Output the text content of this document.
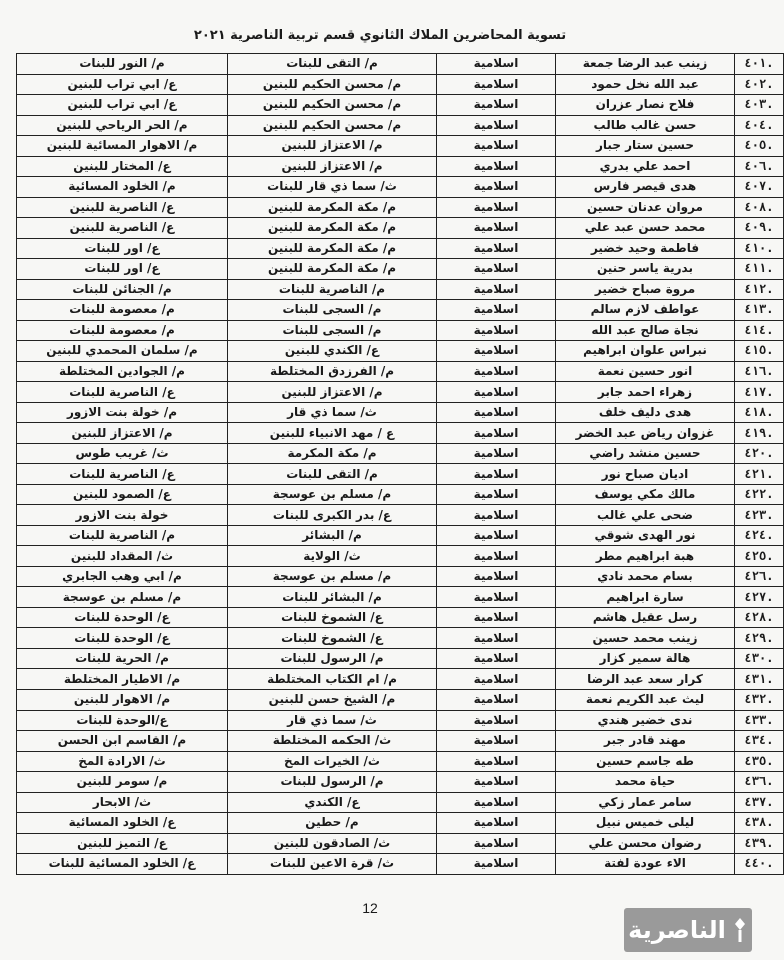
تسوية المحاضرين الملاك الثانوي قسم تربية الناصرية ٢٠٢١
٤٠١.	زينب عبد الرضا جمعة	اسلامية	م/ التقى للبنات	م/ النور للبنات
٤٠٢.	عبد الله نخل حمود	اسلامية	م/ محسن الحكيم للبنين	ع/ ابي تراب للبنين
٤٠٣.	فلاح نصار عزران	اسلامية	م/ محسن الحكيم للبنين	ع/ ابي تراب للبنين
٤٠٤.	حسن غالب طالب	اسلامية	م/ محسن الحكيم للبنين	م/ الحر الرياحي للبنين
٤٠٥.	حسين ستار جبار	اسلامية	م/ الاعتزاز للبنين	م/ الاهوار المسائية للبنين
٤٠٦.	احمد علي بدري	اسلامية	م/ الاعتزاز للبنين	ع/ المختار للبنين
٤٠٧.	هدى قيصر فارس	اسلامية	ث/ سما ذي قار للبنات	م/ الخلود المسائية
٤٠٨.	مروان عدنان حسين	اسلامية	م/ مكة المكرمة للبنين	ع/ الناصرية للبنين
٤٠٩.	محمد حسن عبد علي	اسلامية	م/ مكة المكرمة للبنين	ع/ الناصرية للبنين
٤١٠.	فاطمة وحيد خضير	اسلامية	م/ مكة المكرمة للبنين	ع/ اور للبنات
٤١١.	بدرية ياسر حنين	اسلامية	م/ مكة المكرمة للبنين	ع/ اور للبنات
٤١٢.	مروة صباح خضير	اسلامية	م/ الناصرية للبنات	م/ الجنائن للبنات
٤١٣.	عواطف لازم سالم	اسلامية	م/ السجى للبنات	م/ معصومة للبنات
٤١٤.	نجاة صالح عبد الله	اسلامية	م/ السجى للبنات	م/ معصومة للبنات
٤١٥.	نبراس علوان ابراهيم	اسلامية	ع/ الكندي للبنين	م/ سلمان المحمدي للبنين
٤١٦.	انور حسين نعمة	اسلامية	م/ الفرزدق المختلطة	م/ الجوادين المختلطة
٤١٧.	زهراء احمد جابر	اسلامية	م/ الاعتزاز للبنين	ع/ الناصرية للبنات
٤١٨.	هدى دليف خلف	اسلامية	ث/ سما ذي قار	م/ خولة بنت الازور
٤١٩.	غزوان رياض عبد الخضر	اسلامية	ع / مهد الانبياء للبنين	م/ الاعتزاز للبنين
٤٢٠.	حسين منشد راضي	اسلامية	م/ مكة المكرمة	ث/ غريب طوس
٤٢١.	اديان صباح نور	اسلامية	م/ التقى للبنات	ع/ الناصرية للبنات
٤٢٢.	مالك مكي يوسف	اسلامية	م/ مسلم بن عوسجة	ع/ الصمود للبنين
٤٢٣.	ضحى علي غالب	اسلامية	ع/ بدر الكبرى للبنات	خولة بنت الازور
٤٢٤.	نور الهدى شوقي	اسلامية	م/ البشائر	م/ الناصرية للبنات
٤٢٥.	هبة ابراهيم مطر	اسلامية	ث/ الولاية	ث/ المقداد للبنين
٤٢٦.	بسام محمد نادي	اسلامية	م/ مسلم بن عوسجة	م/ ابي وهب الجابري
٤٢٧.	سارة ابراهيم	اسلامية	م/ البشائر للبنات	م/ مسلم بن عوسجة
٤٢٨.	رسل عقيل هاشم	اسلامية	ع/ الشموخ للبنات	ع/ الوحدة للبنات
٤٢٩.	زينب محمد حسين	اسلامية	ع/ الشموخ للبنات	ع/ الوحدة للبنات
٤٣٠.	هالة سمير كزار	اسلامية	م/ الرسول للبنات	م/ الحرية للبنات
٤٣١.	كرار سعد عبد الرضا	اسلامية	م/ ام الكتاب المختلطة	م/ الاطيار المختلطة
٤٣٢.	ليث عبد الكريم نعمة	اسلامية	م/ الشيخ حسن للبنين	م/ الاهوار للبنين
٤٣٣.	ندى خضير هندي	اسلامية	ث/ سما ذي قار	ع/الوحدة للبنات
٤٣٤.	مهند قادر جبر	اسلامية	ث/ الحكمه المختلطة	م/ القاسم ابن الحسن
٤٣٥.	طه جاسم حسين	اسلامية	ث/ الخيرات المخ	ث/ الارادة المخ
٤٣٦.	حياة محمد	اسلامية	م/ الرسول للبنات	م/ سومر للبنين
٤٣٧.	سامر عمار زكي	اسلامية	ع/ الكندي	ث/ الابحار
٤٣٨.	ليلى خميس نبيل	اسلامية	م/ حطين	ع/ الخلود المسائية
٤٣٩.	رضوان محسن علي	اسلامية	ث/ الصادقون للبنين	ع/ التميز للبنين
٤٤٠.	الاء عودة لفتة	اسلامية	ث/ قرة الاعين للبنات	ع/ الخلود المسائية للبنات
12
الناصرية
